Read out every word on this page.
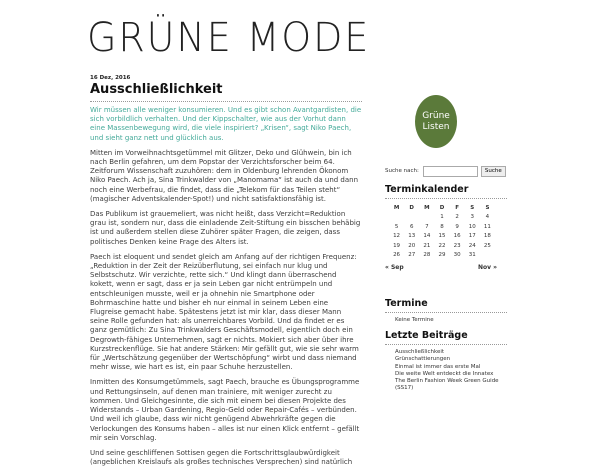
GRÜNE MODE
16 Dez, 2016
Ausschließlichkeit

Wir müssen alle weniger konsumieren. Und es gibt schon Avantgardisten, die sich vorbildlich verhalten. Und der Kippschalter, wie aus der Vorhut dann eine Massenbewegung wird, die viele inspiriert? „Krisen“, sagt Niko Paech, und sieht ganz nett und glücklich aus.

Mitten im Vorweihnachtsgetümmel mit Glitzer, Deko und Glühwein, bin ich nach Berlin gefahren, um dem Popstar der Verzichtsforscher beim 64. Zeitforum Wissenschaft zuzuhören: dem in Oldenburg lehrenden Ökonom Niko Paech. Ach ja, Sina Trinkwalder von „Manomama“ ist auch da und dann noch eine Werbefrau, die findet, dass die „Telekom für das Teilen steht“ (magischer Adventskalender-Spot!) und nicht satisfaktionsfähig ist.

Das Publikum ist grauemeliert, was nicht heißt, dass Verzicht=Reduktion grau ist, sondern nur, dass die einladende Zeit-Stiftung ein bisschen behäbig ist und außerdem stellen diese Zuhörer später Fragen, die zeigen, dass politisches Denken keine Frage des Alters ist.

Paech ist eloquent und sendet gleich am Anfang auf der richtigen Frequenz: „Reduktion in der Zeit der Reizüberflutung, sei einfach nur klug und Selbstschutz. Wir verzichte, rette sich.“ Und klingt dann überraschend kokett, wenn er sagt, dass er ja sein Leben gar nicht entrümpeln und entschleunigen musste, weil er ja ohnehin nie Smartphone oder Bohrmaschine hatte und bisher eh nur einmal in seinem Leben eine Flugreise gemacht habe. Spätestens jetzt ist mir klar, dass dieser Mann seine Rolle gefunden hat: als unerreichbares Vorbild. Und da findet er es ganz gemütlich: Zu Sina Trinkwalders Geschäftsmodell, eigentlich doch ein Degrowth-fähiges Unternehmen, sagt er nichts. Mokiert sich aber über ihre Kurzstreckenflüge. Sie hat andere Stärken: Mir gefällt gut, wie sie sehr warm für „Wertschätzung gegenüber der Wertschöpfung“ wirbt und dass niemand mehr wisse, wie hart es ist, ein paar Schuhe herzustellen.

Inmitten des Konsumgetümmels, sagt Paech, brauche es Übungsprogramme und Rettungsinseln, auf denen man trainiere, mit weniger zurecht zu kommen. Und Gleichgesinnte, die sich mit einem bei diesen Projekte des Widerstands – Urban Gardening, Regio-Geld oder Repair-Cafés – verbünden. Und weil ich glaube, dass wir nicht genügend Abwehrkräfte gegen die Verlockungen des Konsums haben – alles ist nur einen Klick entfernt – gefällt mir sein Vorschlag.

Und seine geschliffenen Sottisen gegen die Fortschrittsglaubwürdigkeit (angeblichen Kreislaufs als großes technisches Versprechen) sind natürlich

Grüne
Listen
Suche nach:	Suche
Terminkalender
M	D	M	D	F	S	S
			1	2	3	4
5	6	7	8	9	10	11
12	13	14	15	16	17	18
19	20	21	22	23	24	25
26	27	28	29	30	31	
« Sep	Nov »
Termine
Keine Termine
Letzte Beiträge
Ausschließlichkeit
Grünschattierungen
Einmal ist immer das erste Mal
Die weite Welt entdeckt die Innatex
The Berlin Fashion Week Green Guide
(SS17)
